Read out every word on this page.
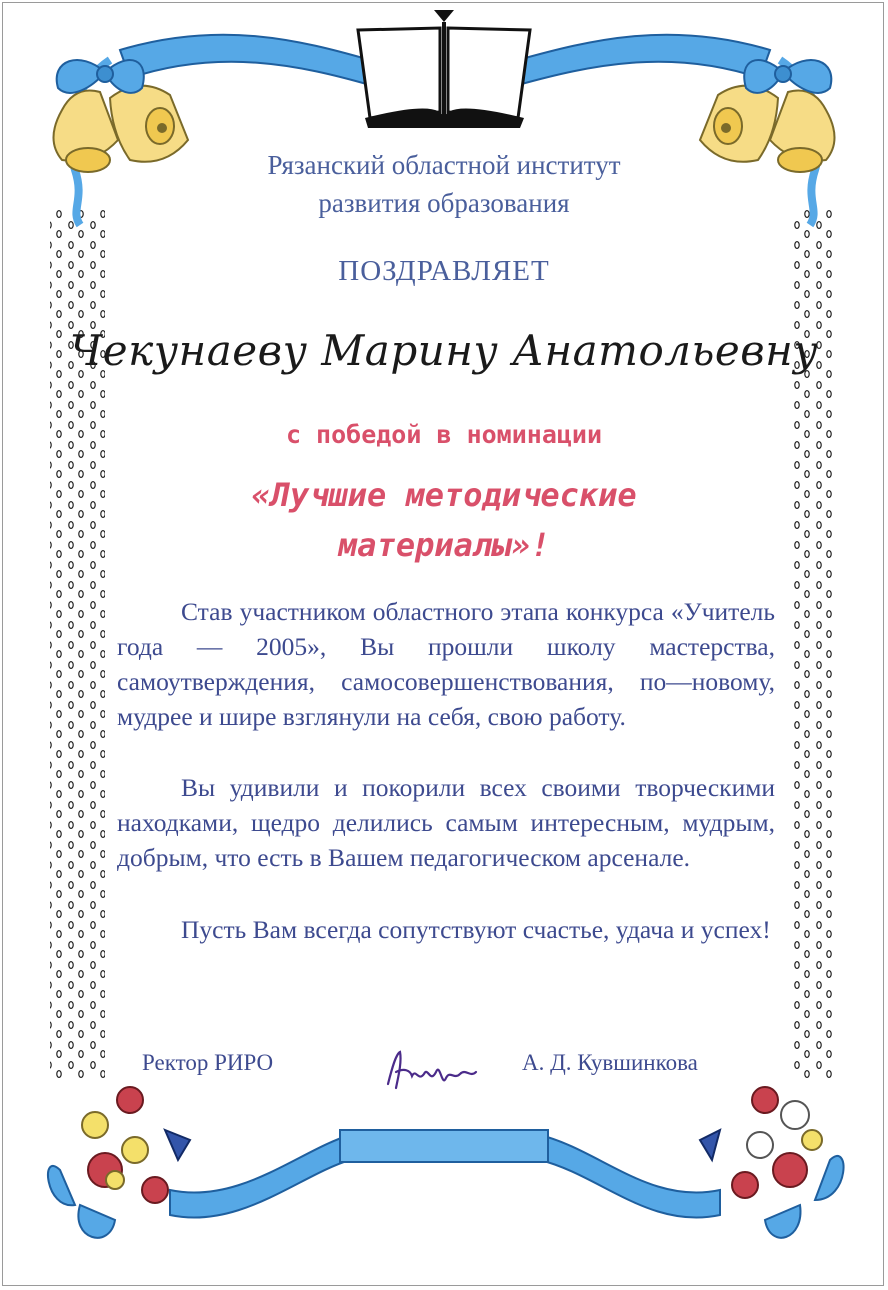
Рязанский областной институт
развития образования
ПОЗДРАВЛЯЕТ
Чекунаеву Марину Анатольевну
с победой в номинации
«Лучшие методические материалы»!

Став участником областного этапа конкурса «Учитель года — 2005», Вы прошли школу мастерства, самоутверждения, самосовершенствования, по—новому, мудрее и шире взглянули на себя, свою работу.

Вы удивили и покорили всех своими творческими находками, щедро делились самым интересным, мудрым, добрым, что есть в Вашем педагогическом арсенале.

Пусть Вам всегда сопутствуют счастье, удача и успех!

Ректор РИРО	А. Д. Кувшинкова
